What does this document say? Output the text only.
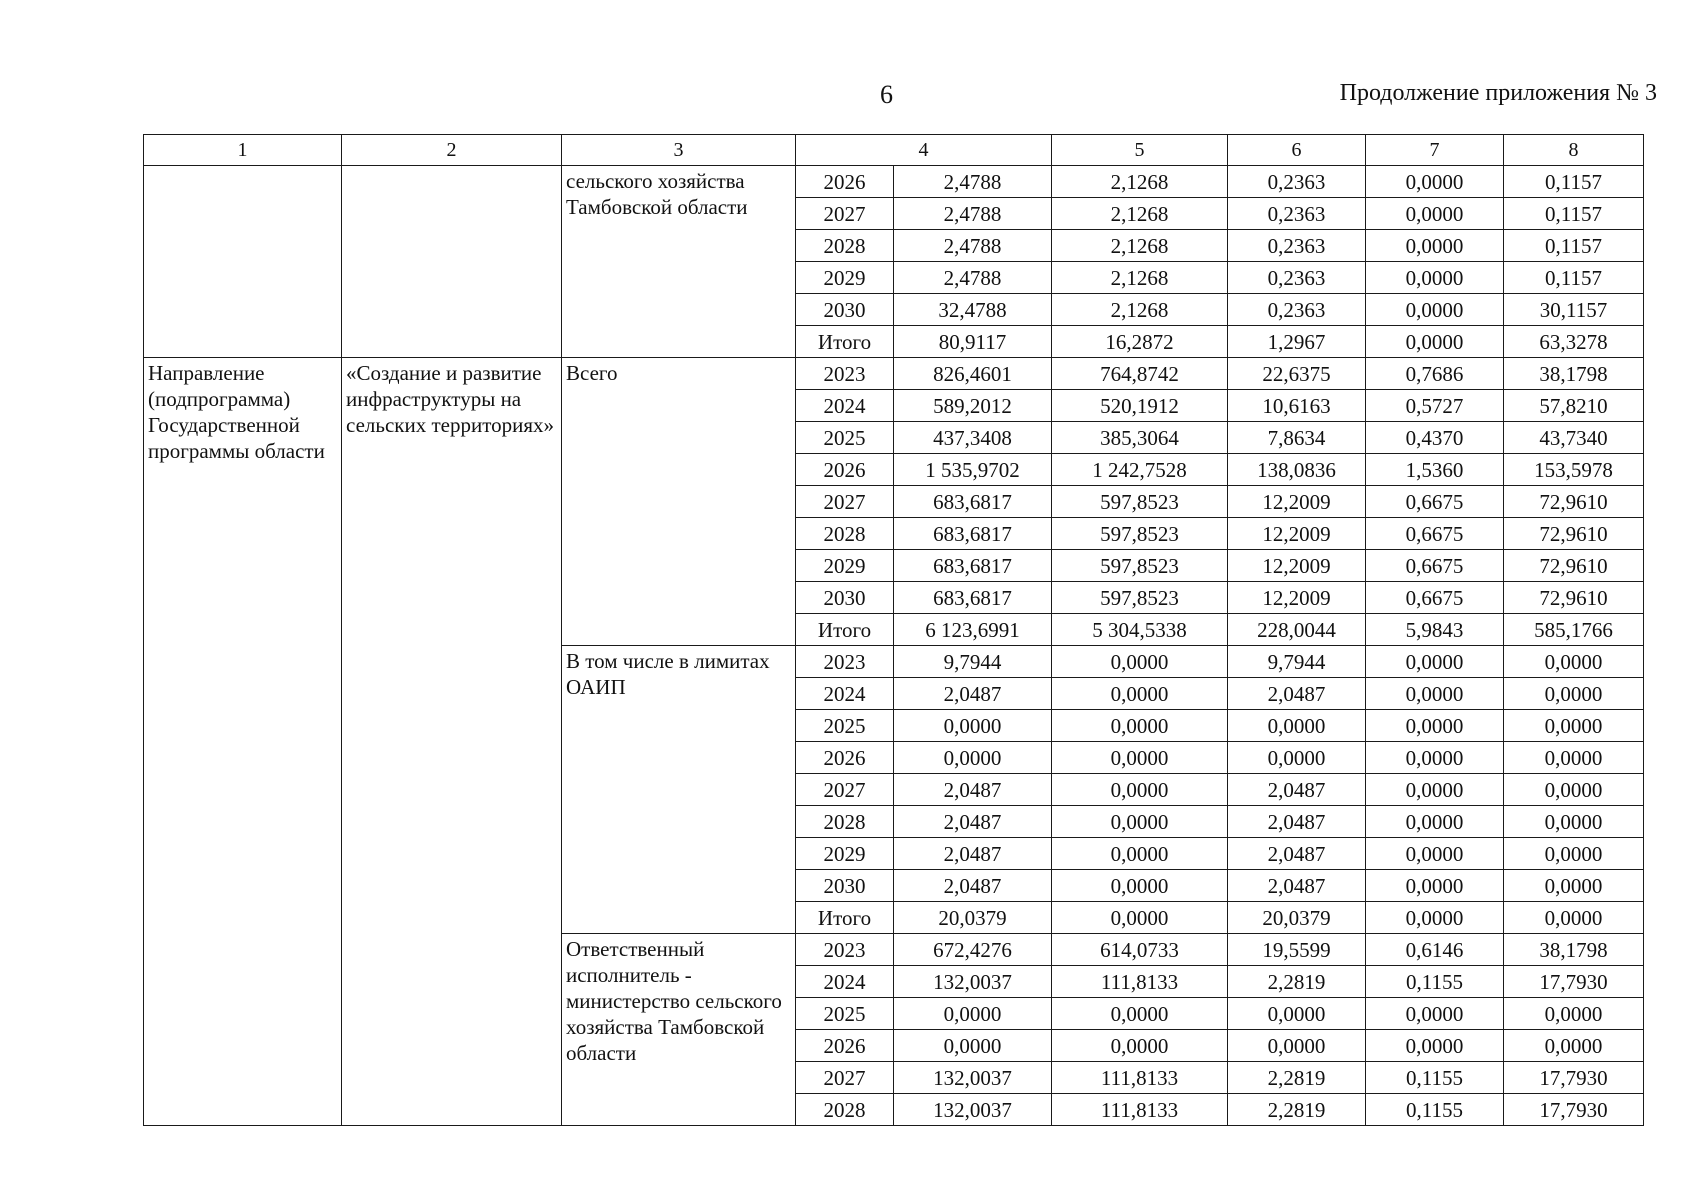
6	Продолжение приложения № 3
1	2	3	4		5	6	7	8
		сельского хозяйства Тамбовской области	2026	2,4788	2,1268	0,2363	0,0000	0,1157
			2027	2,4788	2,1268	0,2363	0,0000	0,1157
			2028	2,4788	2,1268	0,2363	0,0000	0,1157
			2029	2,4788	2,1268	0,2363	0,0000	0,1157
			2030	32,4788	2,1268	0,2363	0,0000	30,1157
			Итого	80,9117	16,2872	1,2967	0,0000	63,3278
Направление (подпрограмма) Государственной программы области	«Создание и развитие инфраструктуры на сельских территориях»	Всего	2023	826,4601	764,8742	22,6375	0,7686	38,1798
			2024	589,2012	520,1912	10,6163	0,5727	57,8210
			2025	437,3408	385,3064	7,8634	0,4370	43,7340
			2026	1 535,9702	1 242,7528	138,0836	1,5360	153,5978
			2027	683,6817	597,8523	12,2009	0,6675	72,9610
			2028	683,6817	597,8523	12,2009	0,6675	72,9610
			2029	683,6817	597,8523	12,2009	0,6675	72,9610
			2030	683,6817	597,8523	12,2009	0,6675	72,9610
			Итого	6 123,6991	5 304,5338	228,0044	5,9843	585,1766
		В том числе в лимитах ОАИП	2023	9,7944	0,0000	9,7944	0,0000	0,0000
			2024	2,0487	0,0000	2,0487	0,0000	0,0000
			2025	0,0000	0,0000	0,0000	0,0000	0,0000
			2026	0,0000	0,0000	0,0000	0,0000	0,0000
			2027	2,0487	0,0000	2,0487	0,0000	0,0000
			2028	2,0487	0,0000	2,0487	0,0000	0,0000
			2029	2,0487	0,0000	2,0487	0,0000	0,0000
			2030	2,0487	0,0000	2,0487	0,0000	0,0000
			Итого	20,0379	0,0000	20,0379	0,0000	0,0000
		Ответственный исполнитель - министерство сельского хозяйства Тамбовской области	2023	672,4276	614,0733	19,5599	0,6146	38,1798
			2024	132,0037	111,8133	2,2819	0,1155	17,7930
			2025	0,0000	0,0000	0,0000	0,0000	0,0000
			2026	0,0000	0,0000	0,0000	0,0000	0,0000
			2027	132,0037	111,8133	2,2819	0,1155	17,7930
			2028	132,0037	111,8133	2,2819	0,1155	17,7930
